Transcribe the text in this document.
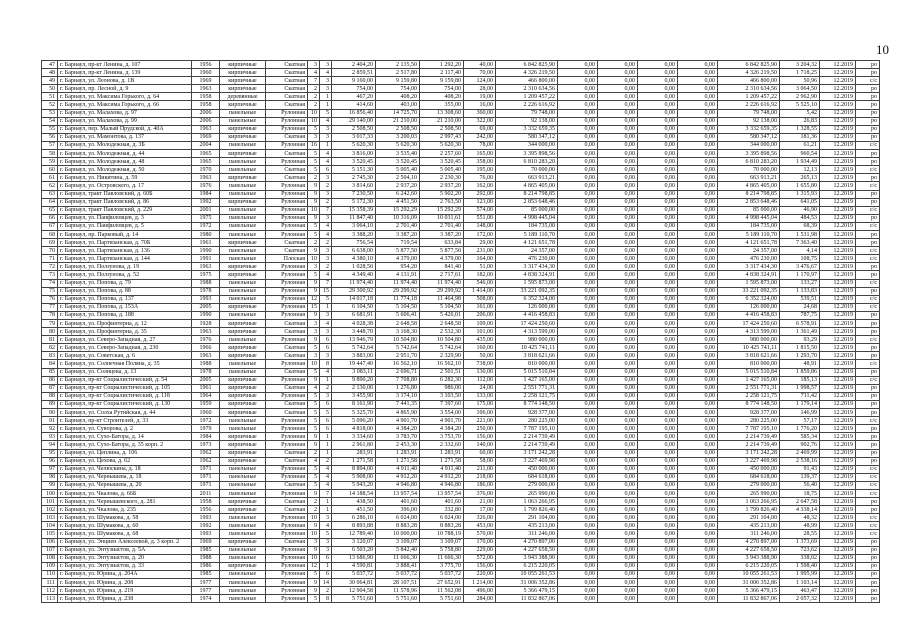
10
47	г. Барнаул, пр-кт Ленина, д. 107	1956	кирпичные	Скатная	3	3	2 404,20	2 135,50	1 292,20	40,00	6 842 825,90	0,00	0,00	0,00	0,00	6 842 825,90	3 204,32	12.2019	ро
48	г. Барнаул, пр-кт Ленина, д. 139	1960	кирпичные	Скатная	4	4	2 859,51	2 517,80	2 117,40	70,00	4 326 219,50	0,00	0,00	0,00	0,00	4 326 219,50	1 718,25	12.2019	ро
49	г. Барнаул, ул. Леонова, д. 1В	1969	кирпичные	Скатная	7	3	9 160,00	9 159,80	9 159,80	124,00	466 800,00	0,00	0,00	0,00	0,00	466 800,00	50,96	12.2019	с/с
50	г. Барнаул, пр. Лесной, д. 9	1963	кирпичные	Скатная	2	3	754,00	754,00	754,00	28,00	2 310 634,56	0,00	0,00	0,00	0,00	2 310 634,56	3 064,50	12.2019	ро
51	г. Барнаул, ул. Максима Горького, д. 64	1958	деревянные	Скатная	2	1	467,20	408,20	408,20	19,00	1 209 457,22	0,00	0,00	0,00	0,00	1 209 457,22	2 962,90	12.2019	ро
52	г. Барнаул, ул. Максима Горького, д. 66	1958	кирпичные	Скатная	2	1	414,60	403,00	355,00	16,00	2 226 616,92	0,00	0,00	0,00	0,00	2 226 616,92	5 525,10	12.2019	ро
53	г. Барнаул, ул. Малахова, д. 97	2006	панельные	Рулонная	10	5	16 856,40	14 725,70	13 308,60	360,00	79 748,00	0,00	0,00	0,00	0,00	79 748,00	5,42	12.2019	ро
54	г. Барнаул, ул. Малахова, д. 99	2006	панельные	Рулонная	10	4	29 140,00	21 210,00	21 210,00	322,00	92 138,00	0,00	0,00	0,00	0,00	92 138,00	26,83	12.2019	ро
55	г. Барнаул, пер. Малый Прудской, д. 40А	1963	кирпичные	Рулонная	5	3	2 508,50	2 508,50	2 508,50	69,00	3 332 659,35	0,00	0,00	0,00	0,00	3 332 659,35	1 328,55	12.2019	ро
56	г. Барнаул, ул. Мамонтова, д. 137	1969	кирпичные	Скатная	3	3	3 017,33	3 200,03	2 997,43	242,00	580 347,12	0,00	0,00	0,00	0,00	580 347,12	181,36	12.2019	ро
57	г. Барнаул, ул. Молодежная, д. 3Б	2004	панельные	Рулонная	16	1	5 620,30	5 620,30	5 620,30	78,00	344 000,00	0,00	0,00	0,00	0,00	344 000,00	61,21	12.2019	с/с
58	г. Барнаул, ул. Молодежная, д. 44	1965	кирпичные	Скатная	5	4	3 816,00	3 535,40	2 257,60	165,00	3 395 898,56	0,00	0,00	0,00	0,00	3 395 898,56	960,54	12.2019	ро
59	г. Барнаул, ул. Молодежная, д. 48	1965	панельные	Рулонная	5	4	3 520,45	3 520,45	3 520,45	358,00	6 810 283,20	0,00	0,00	0,00	0,00	6 810 283,20	1 934,49	12.2019	ро
60	г. Барнаул, ул. Молодежная, д. 50	1970	панельные	Скатная	5	6	5 151,30	5 005,40	5 005,40	195,00	70 000,00	0,00	0,00	0,00	0,00	70 000,00	12,13	12.2019	с/с
61	г. Барнаул, ул. Никитина, д. 59	1963	кирпичные	Скатная	2	3	2 745,30	2 504,10	2 230,30	76,00	663 913,21	0,00	0,00	0,00	0,00	663 913,21	265,13	12.2019	ро
62	г. Барнаул, ул. Островского, д. 17	1976	панельные	Рулонная	9	2	3 814,60	2 937,20	2 937,20	162,00	4 865 405,00	0,00	0,00	0,00	0,00	4 865 405,00	1 655,80	12.2019	с/с
63	г. Барнаул, тракт Павловский, д. 60Б	1984	панельные	Рулонная	9	3	7 230,50	6 242,60	5 902,20	292,00	8 214 798,85	0,00	0,00	0,00	0,00	8 214 798,85	1 315,93	12.2019	ро
64	г. Барнаул, тракт Павловский, д. 86	1992	кирпичные	Рулонная	9	2	5 172,30	4 451,50	2 763,50	123,00	2 853 648,46	0,00	0,00	0,00	0,00	2 853 648,46	641,05	12.2019	ро
65	г. Барнаул, тракт Павловский, д. 229	2001	панельные	Рулонная	10	7	15 358,39	15 292,29	15 292,29	574,00	85 000,00	0,00	0,00	0,00	0,00	85 000,00	46,90	12.2019	с/с
66	г. Барнаул, ул. Панфиловцев, д. 3	1975	панельные	Рулонная	9	3	11 847,40	10 316,09	10 031,61	551,00	4 998 445,04	0,00	0,00	0,00	0,00	4 998 445,04	484,53	12.2019	ро
67	г. Барнаул, ул. Панфиловцев, д. 5	1972	панельные	Рулонная	5	4	3 064,10	2 701,40	2 701,40	148,00	184 735,00	0,00	0,00	0,00	0,00	184 735,00	68,39	12.2019	с/с
68	г. Барнаул, пр. Парковый, д. 14	1980	панельные	Рулонная	5	4	3 388,20	3 387,20	3 387,20	172,00	5 189 110,70	0,00	0,00	0,00	0,00	5 189 110,70	1 531,98	12.2019	ро
69	г. Барнаул, ул. Партизанская, д. 70Б	1961	кирпичные	Скатная	2	2	756,54	719,54	633,84	29,00	4 121 651,78	0,00	0,00	0,00	0,00	4 121 651,78	7 363,40	12.2019	ро
70	г. Барнаул, ул. Партизанская, д. 136	1990	панельные	Скатная	9	3	6 638,00	5 877,50	5 877,50	231,00	24 357,00	0,00	0,00	0,00	0,00	24 357,00	4,14	12.2019	с/с
71	г. Барнаул, ул. Партизанская, д. 144	1991	панельные	Плоская	10	3	4 380,10	4 379,00	4 379,00	164,00	476 230,00	0,00	0,00	0,00	0,00	476 230,00	108,75	12.2019	с/с
72	г. Барнаул, ул. Ползунова, д. 19	1963	кирпичные	Рулонная	3	2	1 028,50	954,20	841,40	51,00	3 317 434,30	0,00	0,00	0,00	0,00	3 317 434,30	3 476,67	12.2019	ро
73	г. Барнаул, ул. Ползунова, д. 52	1975	кирпичные	Рулонная	5	4	4 349,40	4 131,91	2 717,61	182,00	4 838 324,91	0,00	0,00	0,00	0,00	4 838 324,91	1 170,97	12.2019	ро
74	г. Барнаул, ул. Попова, д. 79	1988	панельные	Рулонная	9	7	11 974,40	11 974,40	11 974,40	546,00	1 595 873,00	0,00	0,00	0,00	0,00	1 595 873,00	133,27	12.2019	с/с
75	г. Барнаул, ул. Попова, д. 88	1978	панельные	Рулонная	9	15	29 300,92	29 299,92	29 299,92	1 414,00	33 221 092,35	0,00	0,00	0,00	0,00	33 221 092,35	1 133,83	12.2019	ро
76	г. Барнаул, ул. Попова, д. 137	1993	панельные	Рулонная	12	5	14 017,18	11 774,18	11 464,98	508,00	6 352 324,00	0,00	0,00	0,00	0,00	6 352 324,00	539,51	12.2019	с/с
77	г. Барнаул, ул. Попова, д. 153А	2005	кирпичные	Рулонная	15	1	6 104,50	5 104,50	5 104,50	161,00	126 000,00	0,00	0,00	0,00	0,00	126 000,00	24,68	12.2019	с/с
78	г. Барнаул, ул. Попова, д. 188	1990	панельные	Рулонная	9	3	6 681,91	5 606,41	5 426,01	206,00	4 416 458,83	0,00	0,00	0,00	0,00	4 416 458,83	787,75	12.2019	ро
79	г. Барнаул, ул. Профинтерна, д. 12	1928	кирпичные	Скатная	3	4	4 028,38	2 648,58	2 648,58	109,00	17 424 250,60	0,00	0,00	0,00	0,00	17 424 250,60	6 578,91	12.2019	ро
80	г. Барнаул, ул. Профинтерна, д. 35	1963	кирпичные	Скатная	3	3	3 448,70	3 168,30	2 532,30	101,00	4 313 599,00	0,00	0,00	0,00	0,00	4 313 599,00	1 361,49	12.2019	ро
81	г. Барнаул, ул. Северо-Западная, д. 27	1976	панельные	Рулонная	9	6	13 946,79	10 504,80	10 504,80	435,00	980 000,00	0,00	0,00	0,00	0,00	980 000,00	93,29	12.2019	с/с
82	г. Барнаул, ул. Северо-Западная, д. 230	1966	кирпичные	Скатная	5	6	5 742,64	5 742,64	5 742,64	160,00	10 425 741,11	0,00	0,00	0,00	0,00	10 425 741,11	1 815,50	12.2019	ро
83	г. Барнаул, ул. Советская, д. 6	1963	кирпичные	Скатная	3	3	3 883,00	2 951,70	2 329,90	50,00	3 818 621,66	0,00	0,00	0,00	0,00	3 818 621,66	1 293,70	12.2019	ро
84	г. Барнаул, ул. Солнечная Поляна, д. 35	1988	панельные	Рулонная	10	8	19 447,40	16 562,10	16 562,10	738,00	810 000,00	0,00	0,00	0,00	0,00	810 000,00	48,91	12.2019	с/с
85	г. Барнаул, ул. Солнцева, д. 13	1978	панельные	Скатная	5	4	3 083,11	2 696,71	2 501,51	130,00	5 015 510,84	0,00	0,00	0,00	0,00	5 015 510,84	1 859,86	12.2019	ро
86	г. Барнаул, пр-кт Социалистический, д. 54	2005	кирпичные	Рулонная	9	1	9 890,20	7 708,80	6 282,30	112,00	1 427 165,00	0,00	0,00	0,00	0,00	1 427 165,00	185,13	12.2019	с/с
87	г. Барнаул, пр-кт Социалистический, д. 105	1961	кирпичные	Скатная	4	2	2 130,00	1 276,80	986,00	24,00	2 551 771,31	0,00	0,00	0,00	0,00	2 551 771,31	1 998,57	12.2019	ро
88	г. Барнаул, пр-кт Социалистический, д. 118	1964	кирпичные	Рулонная	5	3	3 455,90	3 174,10	3 103,50	133,00	2 258 121,75	0,00	0,00	0,00	0,00	2 258 121,75	711,42	12.2019	ро
89	г. Барнаул, пр-кт Социалистический, д. 130	1959	кирпичные	Скатная	5	6	8 161,90	7 441,35	7 397,60	175,00	8 774 148,50	0,00	0,00	0,00	0,00	8 774 148,50	1 179,14	12.2019	ро
90	г. Барнаул, ул. Солха Рутийская, д. 44	1960	кирпичные	Скатная	5	5	5 325,70	4 865,90	3 554,00	106,00	928 377,00	0,00	0,00	0,00	0,00	928 377,00	146,99	12.2019	ро
91	г. Барнаул, пр-кт Строителей, д. 33	1972	панельные	Рулонная	5	6	5 096,20	4 901,70	4 901,70	221,00	280 225,00	0,00	0,00	0,00	0,00	280 225,00	57,17	12.2019	с/с
92	г. Барнаул, ул. Суворова, д. 2	1979	панельные	Рулонная	5	6	4 818,00	4 384,20	4 384,20	250,00	7 787 195,10	0,00	0,00	0,00	0,00	7 787 195,10	1 776,20	12.2019	ро
93	г. Барнаул, ул. Сухо-Батора, д. 14	1984	кирпичные	Рулонная	9	1	3 334,60	3 783,70	3 753,70	156,00	2 214 739,49	0,00	0,00	0,00	0,00	2 214 739,49	585,34	12.2019	ро
94	г. Барнаул, ул. Сухо-Батора, д. 35 корп. 2	1973	кирпичные	Рулонная	9	1	2 961,80	2 453,30	2 332,60	140,00	2 214 739,49	0,00	0,00	0,00	0,00	2 214 739,49	902,76	12.2019	ро
95	г. Барнаул, ул. Цеплина, д. 106	1962	кирпичные	Скатная	2	1	283,91	1 283,91	1 283,91	60,00	3 171 242,28	0,00	0,00	0,00	0,00	3 171 242,28	2 469,99	12.2019	ро
96	г. Барнаул, ул. Цехова, д. 62	1962	кирпичные	Скатная	4	2	1 271,58	1 271,58	1 271,58	58,00	3 227 469,98	0,00	0,00	0,00	0,00	3 227 469,98	2 538,16	12.2019	ро
97	г. Барнаул, ул. Челюскина, д. 18	1971	панельные	Рулонная	5	4	8 894,00	4 911,40	4 911,40	211,00	450 000,00	0,00	0,00	0,00	0,00	450 000,00	91,43	12.2019	с/с
98	г. Барнаул, ул. Чернышева, д. 18	1971	панельные	Рулонная	5	4	5 908,00	4 912,20	4 912,20	218,00	684 618,00	0,00	0,00	0,00	0,00	684 618,00	139,37	12.2019	с/с
99	г. Барнаул, ул. Чернышева, д. 20	1971	панельные	Скатная	5	4	5 943,20	4 946,80	4 946,80	186,00	279 000,00	0,00	0,00	0,00	0,00	279 000,00	56,40	12.2019	с/с
100	г. Барнаул, ул. Чкалова, д. 66Б	2011	панельные	Рулонная	9	7	14 188,54	13 957,54	13 957,54	376,00	265 990,00	0,00	0,00	0,00	0,00	265 990,00	18,75	12.2019	с/с
101	г. Барнаул, ул. Чернышевского, д. 281	1958	кирпичные	Скатная	2	1	438,50	401,60	401,60	21,00	1 063 266,95	0,00	0,00	0,00	0,00	1 063 266,95	2 647,58	12.2019	ро
102	г. Барнаул, ул. Чкалова, д. 235	1956	кирпичные	Скатная	2	1	451,50	396,00	332,80	17,00	1 799 826,40	0,00	0,00	0,00	0,00	1 799 826,40	4 338,14	12.2019	ро
103	г. Барнаул, ул. Шумакова, д. 58	1993	панельные	Рулонная	10	3	6 286,10	6 024,00	6 024,00	326,00	291 104,00	0,00	0,00	0,00	0,00	291 104,00	48,32	12.2019	с/с
104	г. Барнаул, ул. Шумакова, д. 60	1992	панельные	Рулонная	9	4	8 893,88	8 883,28	8 883,28	453,00	435 213,00	0,00	0,00	0,00	0,00	435 213,00	48,99	12.2019	с/с
105	г. Барнаул, ул. Шумакова, д. 68	1993	панельные	Рулонная	10	5	12 789,40	10 000,00	10 788,19	570,00	311 246,00	0,00	0,00	0,00	0,00	311 246,00	28,55	12.2019	с/с
106	г. Барнаул, ул. Энциен Алексеевой, д. 3 корп. 2	1969	кирпичные	Скатная	3	3	3 120,07	3 109,07	3 109,07	170,00	4 270 897,00	0,00	0,00	0,00	0,00	4 270 897,00	1 373,69	12.2019	ро
107	г. Барнаул, ул. Энтузиастов, д. 5А	1985	панельные	Рулонная	9	3	6 503,20	5 842,40	5 758,80	229,00	4 227 658,50	0,00	0,00	0,00	0,00	4 227 658,50	723,62	12.2019	ро
108	г. Барнаул, ул. Энтузиастов, д. 20	1988	панельные	Рулонная	10	6	13 686,90	11 666,30	11 666,30	572,00	3 943 388,90	0,00	0,00	0,00	0,00	3 943 388,90	338,02	12.2019	ро
109	г. Барнаул, ул. Энтузиастов, д. 33	1986	кирпичные	Рулонная	12	1	4 590,81	3 888,41	3 775,70	156,00	6 215 220,05	0,00	0,00	0,00	0,00	6 215 220,05	1 598,40	12.2019	ро
110	г. Барнаул, ул. Юрина, д. 204А	1985	панельные	Рулонная	5	6	5 037,72	5 037,72	5 037,72	220,00	10 055 261,53	0,00	0,00	0,00	0,00	10 055 261,53	1 995,99	12.2019	ро
111	г. Барнаул, ул. Юрина, д. 208	1977	панельные	Рулонная	9	14	30 064,81	28 107,51	27 652,91	1 214,00	31 006 352,86	0,00	0,00	0,00	0,00	31 006 352,86	1 103,14	12.2019	ро
112	г. Барнаул, ул. Юрина, д. 219	1977	панельные	Рулонная	9	2	12 904,58	11 578,96	11 562,08	496,00	5 366 479,15	0,00	0,00	0,00	0,00	5 366 479,15	463,47	12.2019	ро
113	г. Барнаул, ул. Юрина, д. 238	1974	панельные	Рулонная	5	8	5 751,60	5 751,60	5 751,60	284,00	11 832 867,06	0,00	0,00	0,00	0,00	11 832 867,06	2 057,32	12.2019	ро
